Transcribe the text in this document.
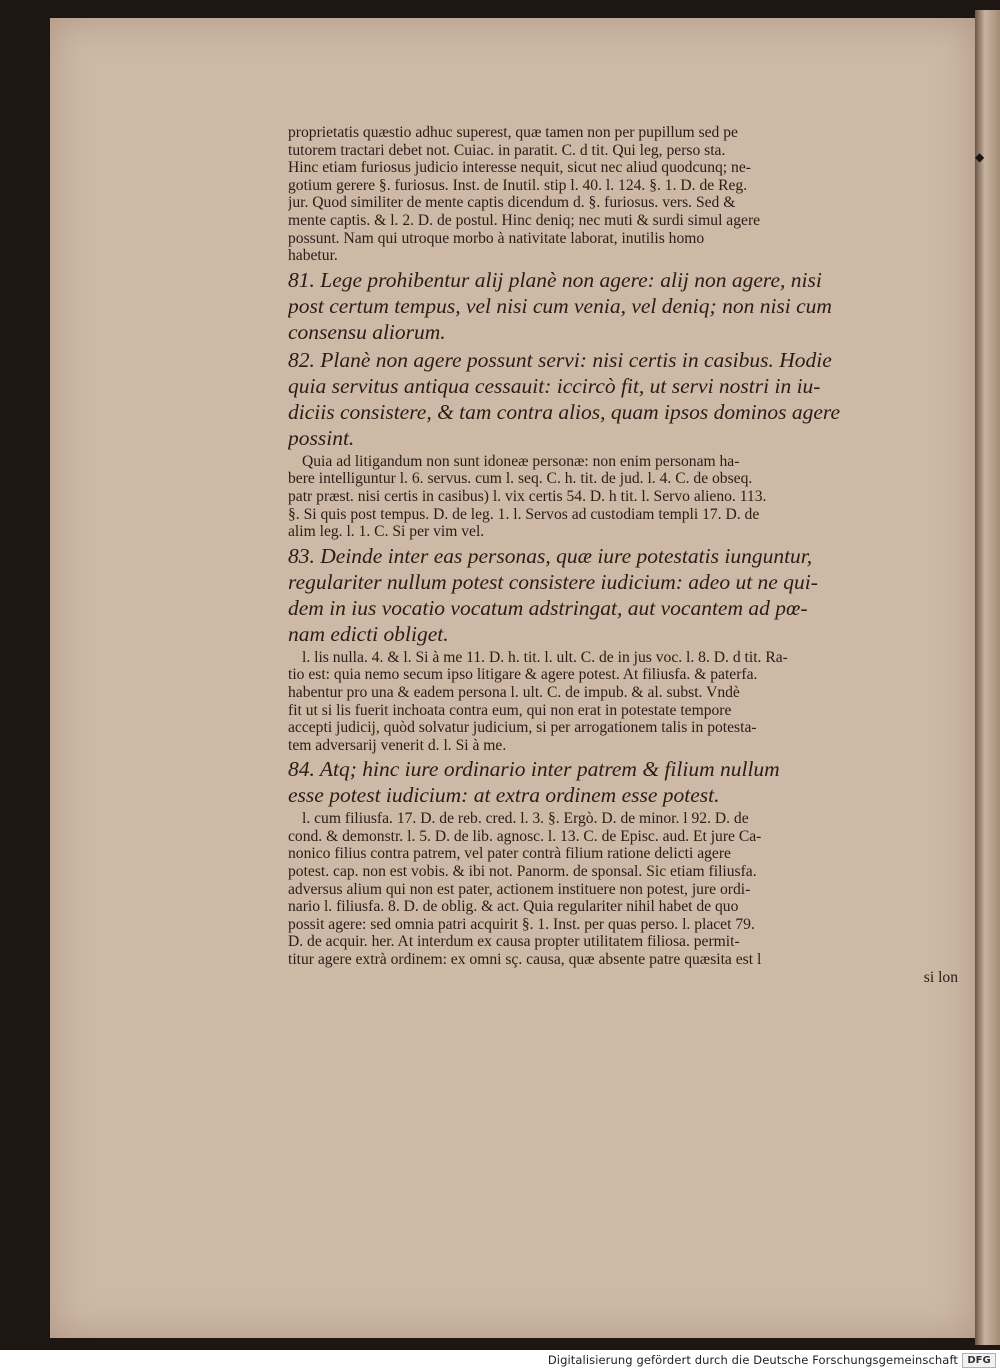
◆
proprietatis quæstio adhuc superest, quæ tamen non per pupillum sed pe
tutorem tractari debet not. Cuiac. in paratit. C. d tit. Qui leg, perso sta.
Hinc etiam furiosus judicio interesse nequit, sicut nec aliud quodcunq; ne-
gotium gerere §. furiosus. Inst. de Inutil. stip l. 40. l. 124. §. 1. D. de Reg.
jur. Quod similiter de mente captis dicendum d. §. furiosus. vers. Sed &
mente captis. & l. 2. D. de postul. Hinc deniq; nec muti & surdi simul agere
possunt. Nam qui utroque morbo à nativitate laborat, inutilis homo
habetur.
81. Lege prohibentur alij planè non agere: alij non agere, nisi
post certum tempus, vel nisi cum venia, vel deniq; non nisi cum
consensu aliorum.
82. Planè non agere possunt servi: nisi certis in casibus. Hodie
quia servitus antiqua cessauit: iccircò fit, ut servi nostri in iu-
diciis consistere, & tam contra alios, quam ipsos dominos agere
possint.
Quia ad litigandum non sunt idoneæ personæ: non enim personam ha-
bere intelliguntur l. 6. servus. cum l. seq. C. h. tit. de jud. l. 4. C. de obseq.
patr præst. nisi certis in casibus) l. vix certis 54. D. h tit. l. Servo alieno. 113.
§. Si quis post tempus. D. de leg. 1. l. Servos ad custodiam templi 17. D. de
alim leg. l. 1. C. Si per vim vel.
83. Deinde inter eas personas, quæ iure potestatis iunguntur,
regulariter nullum potest consistere iudicium: adeo ut ne qui-
dem in ius vocatio vocatum adstringat, aut vocantem ad pœ-
nam edicti obliget.
l. lis nulla. 4. & l. Si à me 11. D. h. tit. l. ult. C. de in jus voc. l. 8. D. d tit. Ra-
tio est: quia nemo secum ipso litigare & agere potest. At filiusfa. & paterfa.
habentur pro una & eadem persona l. ult. C. de impub. & al. subst. Vndè
fit ut si lis fuerit inchoata contra eum, qui non erat in potestate tempore
accepti judicij, quòd solvatur judicium, si per arrogationem talis in potesta-
tem adversarij venerit d. l. Si à me.
84. Atq; hinc iure ordinario inter patrem & filium nullum
esse potest iudicium: at extra ordinem esse potest.
l. cum filiusfa. 17. D. de reb. cred. l. 3. §. Ergò. D. de minor. l 92. D. de
cond. & demonstr. l. 5. D. de lib. agnosc. l. 13. C. de Episc. aud. Et jure Ca-
nonico filius contra patrem, vel pater contrà filium ratione delicti agere
potest. cap. non est vobis. & ibi not. Panorm. de sponsal. Sic etiam filiusfa.
adversus alium qui non est pater, actionem instituere non potest, jure ordi-
nario l. filiusfa. 8. D. de oblig. & act. Quia regulariter nihil habet de quo
possit agere: sed omnia patri acquirit §. 1. Inst. per quas perso. l. placet 79.
D. de acquir. her. At interdum ex causa propter utilitatem filiosa. permit-
titur agere extrà ordinem: ex omni sç. causa, quæ absente patre quæsita est l
si lon
Digitalisierung gefördert durch die Deutsche Forschungsgemeinschaft DFG
